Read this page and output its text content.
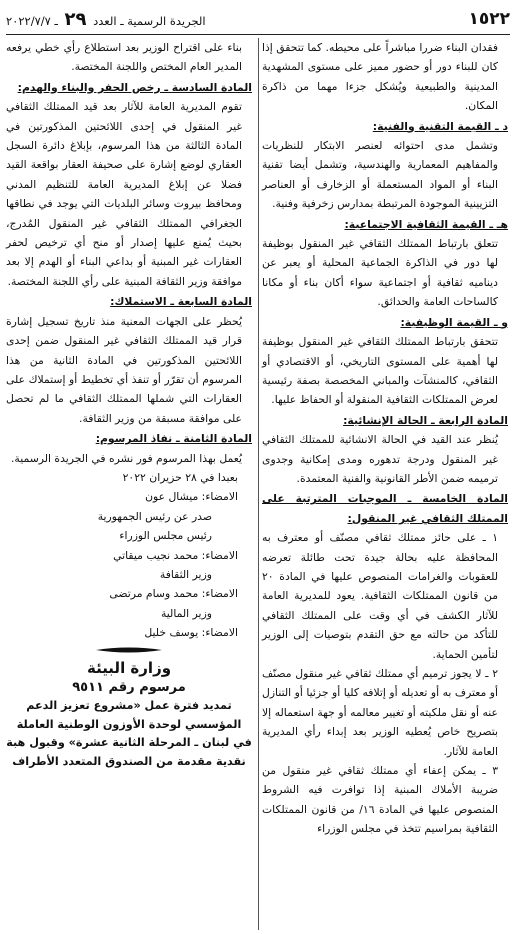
١٥٢٢
الجريدة الرسمية ـ العدد ٢٩ ـ ٢٠٢٢/٧/٧

فقدان البناء ضررا مباشراً على محيطه. كما تتحقق إذا كان للبناء دور أو حضور مميز على مستوى المشهدية المدينية والطبيعية ويُشكل جزءا مهما من ذاكرة المكان.

د ـ القيمة التقنية والفنية:

وتشمل مدى احتوائه لعنصر الابتكار للنظريات والمفاهيم المعمارية والهندسية، وتشمل أيضا تقنية البناء أو المواد المستعملة أو الزخارف أو العناصر التزيينية الموجودة المرتبطة بمدارس زخرفية وفنية.

هـ ـ القيمة الثقافية الاجتماعية:

تتعلق بارتباط الممتلك الثقافي غير المنقول بوظيفة لها دور في الذاكرة الجماعية المحلية أو يعبر عن ديناميه ثقافية أو اجتماعية سواء أكان بناء أو مكانا كالساحات العامة والحدائق.

و ـ القيمة الوظيفية:

تتحقق بارتباط الممتلك الثقافي غير المنقول بوظيفة لها أهمية على المستوى التاريخي، أو الاقتصادي أو الثقافي، كالمنشآت والمباني المخصصة بصفة رئيسية لعرض الممتلكات الثقافية المنقولة أو الحفاظ عليها.

المادة الرابعة ـ الحالة الإنشائية:

يُنظر عند القيد في الحالة الانشائية للممتلك الثقافي غير المنقول ودرجة تدهوره ومدى إمكانية وجدوى ترميمه ضمن الأطر القانونية والفنية المعتمدة.

المادة الخامسة ـ الموجبات المترتبة على الممتلك الثقافي غير المنقول:

١ ـ على حائز ممتلك ثقافي مصنّف أو معترف به المحافظة عليه بحالة جيدة تحت طائلة تعرضه للعقوبات والغرامات المنصوص عليها في المادة ٢٠ من قانون الممتلكات الثقافية. يعود للمديرية العامة للآثار الكشف في أي وقت على الممتلك الثقافي للتأكد من حالته مع حق التقدم بتوصيات إلى الوزير لتأمين الحماية.

٢ ـ لا يجوز ترميم أي ممتلك ثقافي غير منقول مصنّف أو معترف به أو تعديله أو إتلافه كليا أو جزئيا أو التنازل عنه أو نقل ملكيته أو تغيير معالمه أو جهة استعماله إلا بتصريح خاص يُعطيه الوزير بعد إبداء رأي المديرية العامة للآثار.

٣ ـ يمكن إعفاء أي ممتلك ثقافي غير منقول من ضريبة الأملاك المبنية إذا توافرت فيه الشروط المنصوص عليها في المادة ١٦/ من قانون الممتلكات الثقافية بمراسيم تتخذ في مجلس الوزراء

بناء على اقتراح الوزير بعد استطلاع رأي خطي يرفعه المدير العام المختص واللجنة المختصة.

المادة السادسة ـ رخص الحفر والبناء والهدم:

تقوم المديرية العامة للآثار بعد قيد الممتلك الثقافي غير المنقول في إحدى اللائحتين المذكورتين في المادة الثالثة من هذا المرسوم، بإبلاغ دائرة السجل العقاري لوضع إشارة على صحيفة العقار بواقعة القيد فضلا عن إبلاغ المديرية العامة للتنظيم المدني ومحافظ بيروت وسائر البلديات التي يوجد في نطاقها الجغرافي الممتلك الثقافي غير المنقول المُدرج، بحيث يُمنع عليها إصدار أو منح أي ترخيص لحفر العقارات غير المبنية أو بداعي البناء أو الهدم إلا بعد موافقة وزير الثقافة المبنية على رأي اللجنة المختصة.

المادة السابعة ـ الاستملاك:

يُحظر على الجهات المعنية منذ تاريخ تسجيل إشارة قرار قيد الممتلك الثقافي غير المنقول ضمن إحدى اللائحتين المذكورتين في المادة الثانية من هذا المرسوم أن تقرّر أو تنفذ أي تخطيط أو إستملاك على العقارات التي شملها الممتلك الثقافي ما لم تحصل على موافقة مسبقة من وزير الثقافة.

المادة الثامنة ـ نفاذ المرسوم:

يُعمل بهذا المرسوم فور نشره في الجريدة الرسمية.

بعبدا في ٢٨ حزيران ٢٠٢٢

الامضاء: ميشال عون

صدر عن رئيس الجمهورية

رئيس مجلس الوزراء

الامضاء: محمد نجيب ميقاتي

وزير الثقافة

الامضاء: محمد وسام مرتضى

وزير المالية

الامضاء: يوسف خليل

وزارة البيئة
مرسوم رقم ٩٥١١
تمديد فترة عمل «مشروع تعزيز الدعم المؤسسي لوحدة الأوزون الوطنية العاملة في لبنان ـ المرحلة الثانية عشرة» وقبول هبة نقدية مقدمة من الصندوق المتعدد الأطراف
